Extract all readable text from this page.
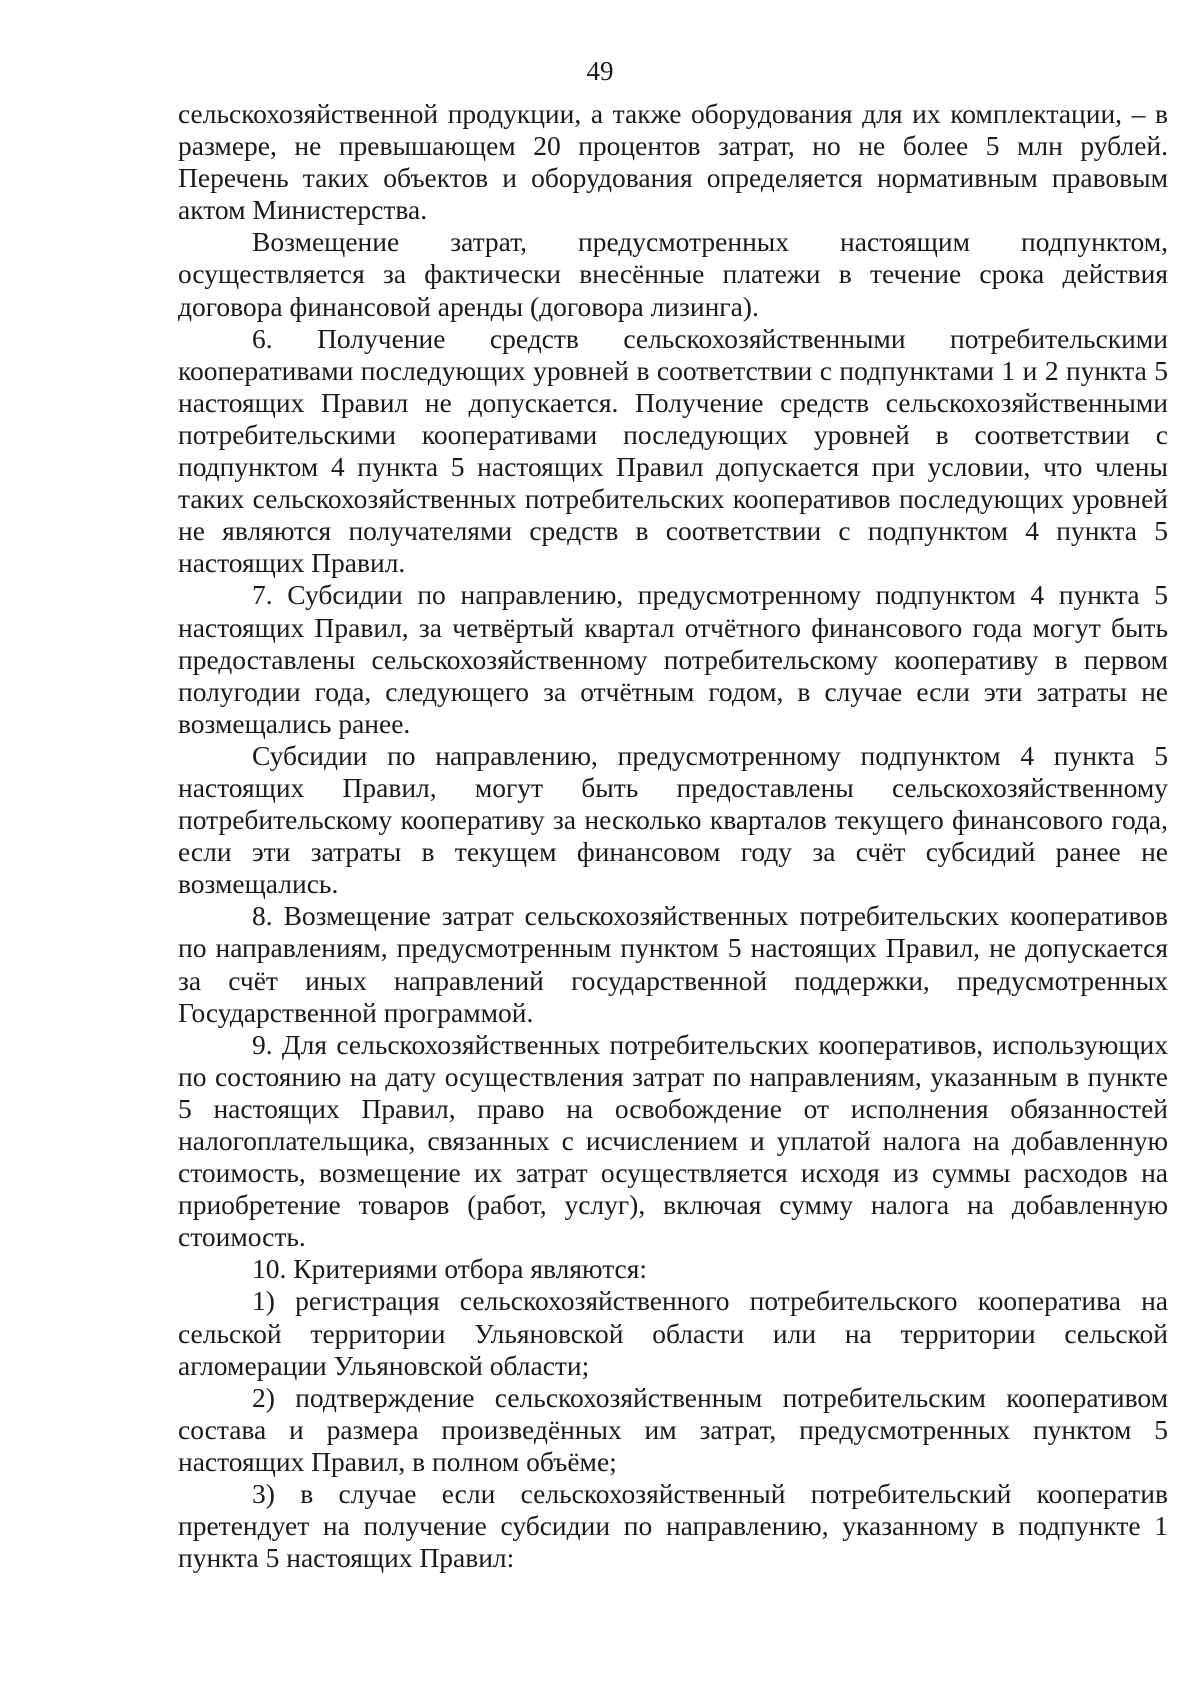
49

сельскохозяйственной продукции, а также оборудования для их комплектации, – в размере, не превышающем 20 процентов затрат, но не более 5 млн рублей. Перечень таких объектов и оборудования определяется нормативным правовым актом Министерства.

Возмещение затрат, предусмотренных настоящим подпунктом, осуществляется за фактически внесённые платежи в течение срока действия договора финансовой аренды (договора лизинга).

6. Получение средств сельскохозяйственными потребительскими кооперативами последующих уровней в соответствии с подпунктами 1 и 2 пункта 5 настоящих Правил не допускается. Получение средств сельскохозяйственными потребительскими кооперативами последующих уровней в соответствии с подпунктом 4 пункта 5 настоящих Правил допускается при условии, что члены таких сельскохозяйственных потребительских кооперативов последующих уровней не являются получателями средств в соответствии с подпунктом 4 пункта 5 настоящих Правил.

7. Субсидии по направлению, предусмотренному подпунктом 4 пункта 5 настоящих Правил, за четвёртый квартал отчётного финансового года могут быть предоставлены сельскохозяйственному потребительскому кооперативу в первом полугодии года, следующего за отчётным годом, в случае если эти затраты не возмещались ранее.

Субсидии по направлению, предусмотренному подпунктом 4 пункта 5 настоящих Правил, могут быть предоставлены сельскохозяйственному потребительскому кооперативу за несколько кварталов текущего финансового года, если эти затраты в текущем финансовом году за счёт субсидий ранее не возмещались.

8. Возмещение затрат сельскохозяйственных потребительских кооперативов по направлениям, предусмотренным пунктом 5 настоящих Правил, не допускается за счёт иных направлений государственной поддержки, предусмотренных Государственной программой.

9. Для сельскохозяйственных потребительских кооперативов, использующих по состоянию на дату осуществления затрат по направлениям, указанным в пункте 5 настоящих Правил, право на освобождение от исполнения обязанностей налогоплательщика, связанных с исчислением и уплатой налога на добавленную стоимость, возмещение их затрат осуществляется исходя из суммы расходов на приобретение товаров (работ, услуг), включая сумму налога на добавленную стоимость.

10. Критериями отбора являются:

1) регистрация сельскохозяйственного потребительского кооператива на сельской территории Ульяновской области или на территории сельской агломерации Ульяновской области;

2) подтверждение сельскохозяйственным потребительским кооперативом состава и размера произведённых им затрат, предусмотренных пунктом 5 настоящих Правил, в полном объёме;

3) в случае если сельскохозяйственный потребительский кооператив претендует на получение субсидии по направлению, указанному в подпункте 1 пункта 5 настоящих Правил:
